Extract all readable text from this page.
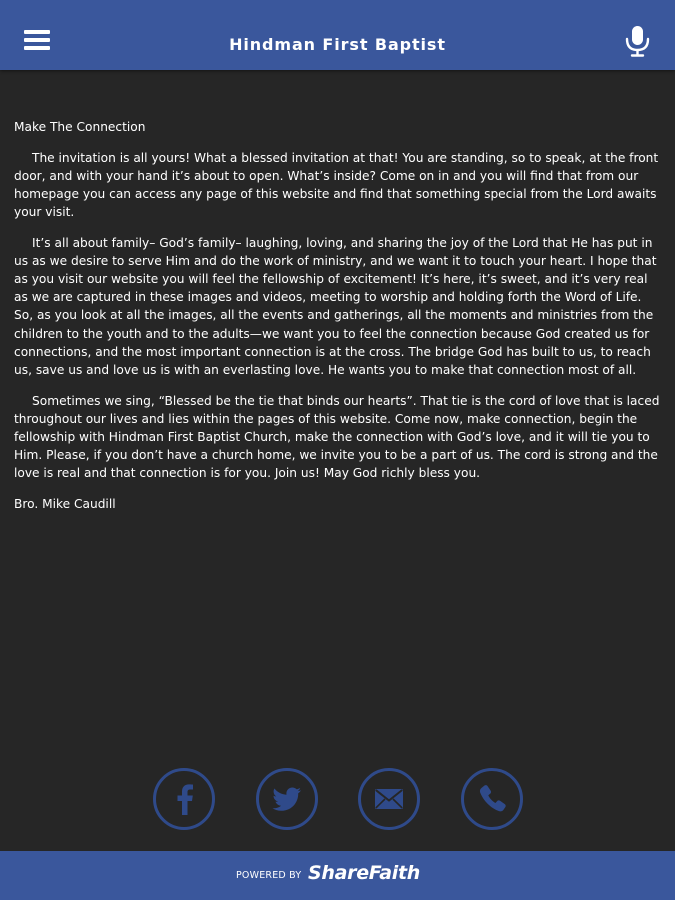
Hindman First Baptist

Make The Connection

The invitation is all yours! What a blessed invitation at that! You are standing, so to speak, at the front door, and with your hand it’s about to open. What’s inside? Come on in and you will find that from our homepage you can access any page of this website and find that something special from the Lord awaits your visit.

It’s all about family– God’s family– laughing, loving, and sharing the joy of the Lord that He has put in us as we desire to serve Him and do the work of ministry, and we want it to touch your heart. I hope that as you visit our website you will feel the fellowship of excitement! It’s here, it’s sweet, and it’s very real as we are captured in these images and videos, meeting to worship and holding forth the Word of Life. So, as you look at all the images, all the events and gatherings, all the moments and ministries from the children to the youth and to the adults—we want you to feel the connection because God created us for connections, and the most important connection is at the cross. The bridge God has built to us, to reach us, save us and love us is with an everlasting love. He wants you to make that connection most of all.

Sometimes we sing, “Blessed be the tie that binds our hearts”. That tie is the cord of love that is laced throughout our lives and lies within the pages of this website. Come now, make connection, begin the fellowship with Hindman First Baptist Church, make the connection with God’s love, and it will tie you to Him. Please, if you don’t have a church home, we invite you to be a part of us. The cord is strong and the love is real and that connection is for you. Join us! May God richly bless you.

Bro. Mike Caudill

POWERED BY ShareFaith
